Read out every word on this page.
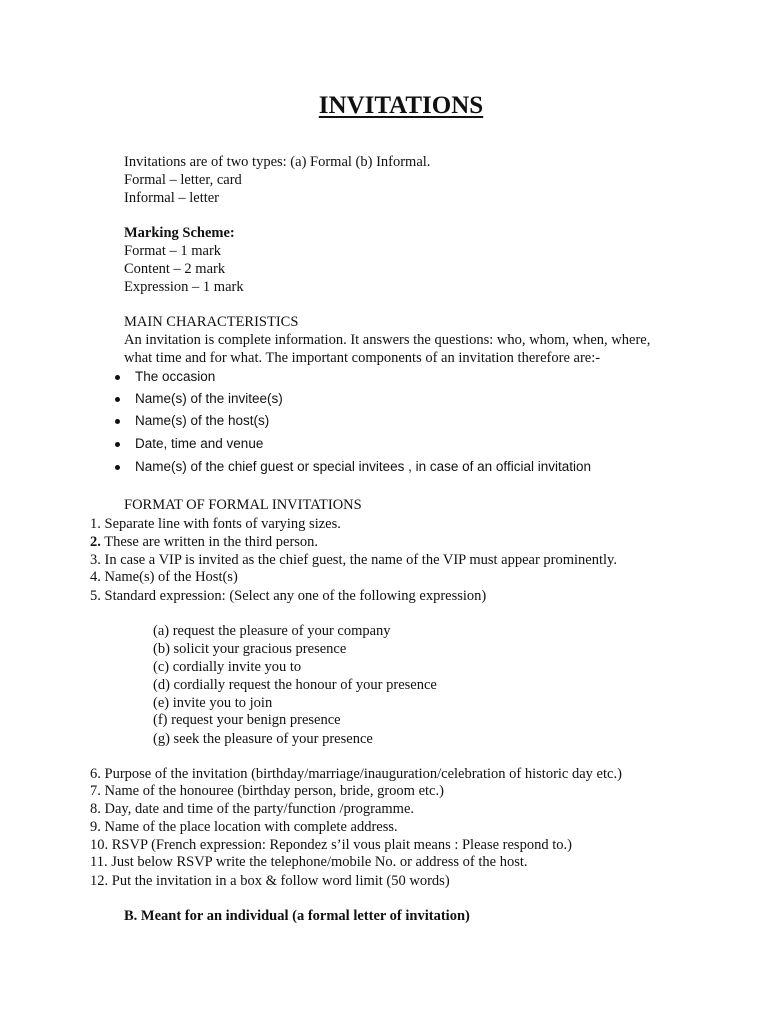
INVITATIONS
Invitations are of two types: (a) Formal (b) Informal.
Formal – letter, card
Informal – letter
Marking Scheme:
Format – 1 mark
Content – 2 mark
Expression – 1 mark
MAIN CHARACTERISTICS
An invitation is complete information. It answers the questions: who, whom, when, where,
what time and for what. The important components of an invitation therefore are:-
The occasion
Name(s) of the invitee(s)
Name(s) of the host(s)
Date, time and venue
Name(s) of the chief guest or special invitees , in case of an official invitation
FORMAT OF FORMAL INVITATIONS
1. Separate line with fonts of varying sizes.
2. These are written in the third person.
3. In case a VIP is invited as the chief guest, the name of the VIP must appear prominently.
4. Name(s) of the Host(s)
5. Standard expression: (Select any one of the following expression)
(a) request the pleasure of your company
(b) solicit your gracious presence
(c) cordially invite you to
(d) cordially request the honour of your presence
(e) invite you to join
(f) request your benign presence
(g) seek the pleasure of your presence
6. Purpose of the invitation (birthday/marriage/inauguration/celebration of historic day etc.)
7. Name of the honouree (birthday person, bride, groom etc.)
8. Day, date and time of the party/function /programme.
9. Name of the place location with complete address.
10. RSVP (French expression: Repondez s’il vous plait means : Please respond to.)
11. Just below RSVP write the telephone/mobile No. or address of the host.
12. Put the invitation in a box & follow word limit (50 words)
B. Meant for an individual (a formal letter of invitation)
